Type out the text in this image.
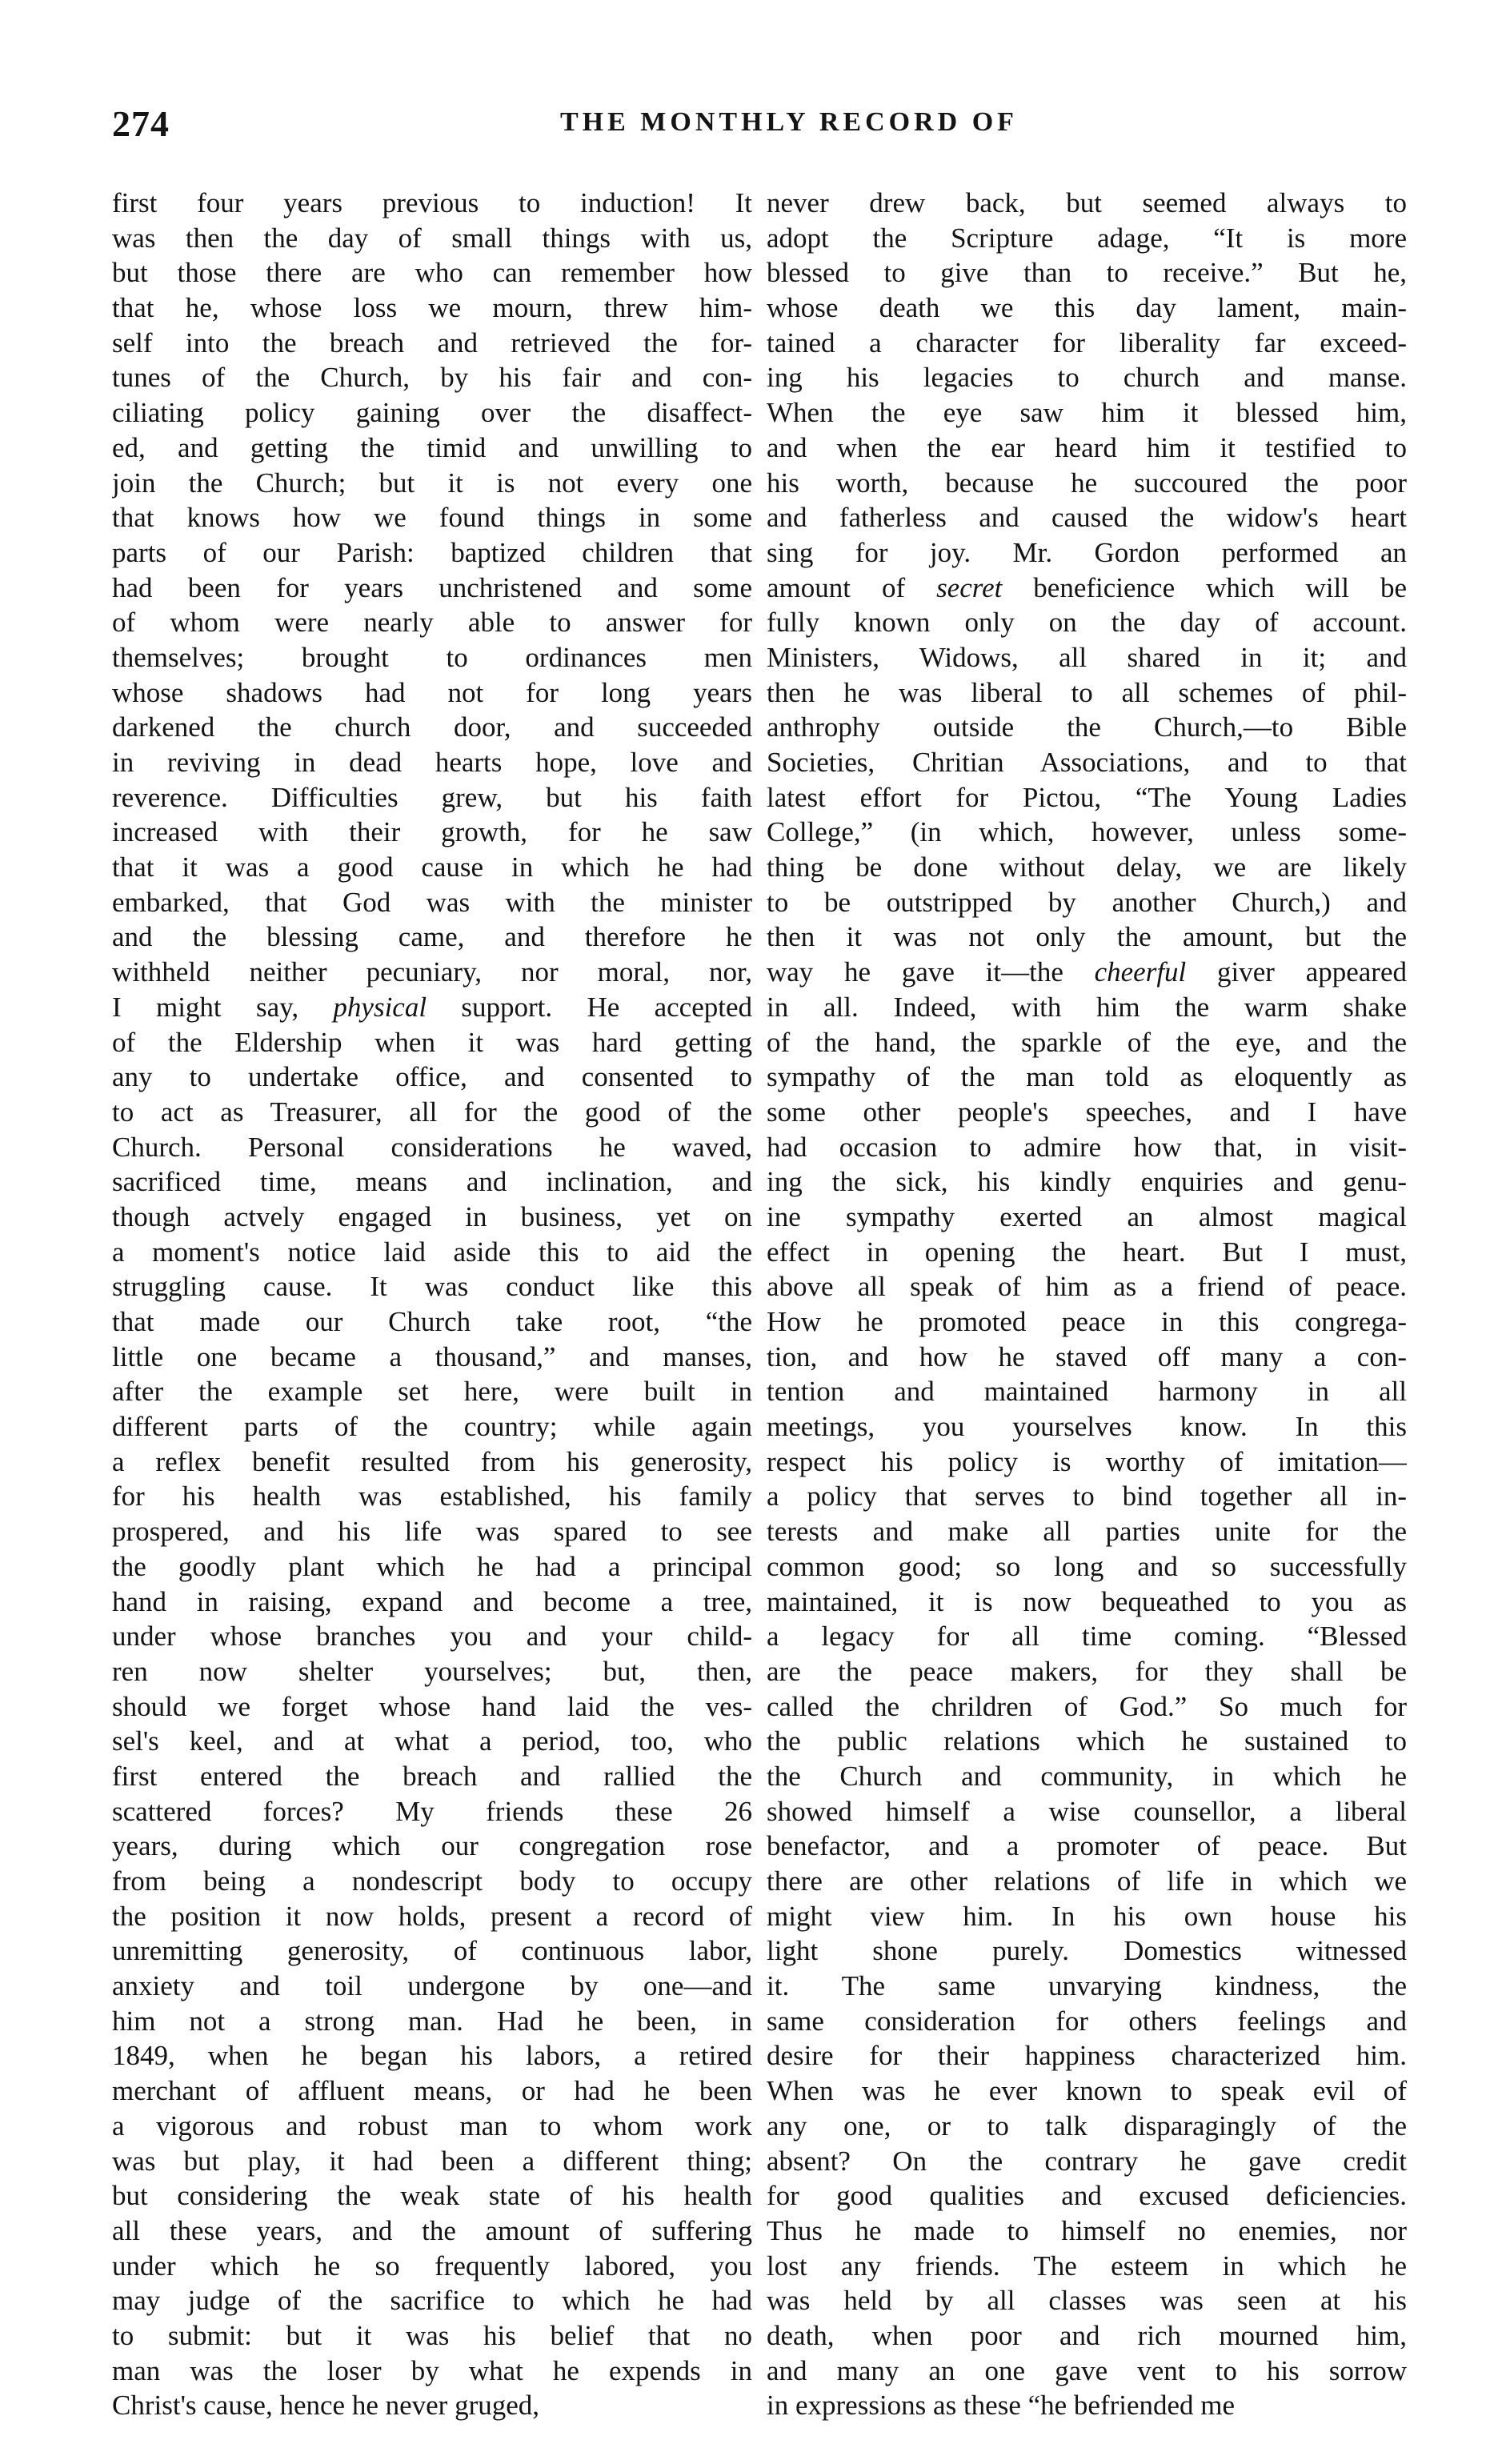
274	THE MONTHLY RECORD OF
first four years previous to induction! It
was then the day of small things with us,
but those there are who can remember how
that he, whose loss we mourn, threw him-
self into the breach and retrieved the for-
tunes of the Church, by his fair and con-
ciliating policy gaining over the disaffect-
ed, and getting the timid and unwilling to
join the Church; but it is not every one
that knows how we found things in some
parts of our Parish: baptized children that
had been for years unchristened and some
of whom were nearly able to answer for
themselves; brought to ordinances men
whose shadows had not for long years
darkened the church door, and succeeded
in reviving in dead hearts hope, love and
reverence. Difficulties grew, but his faith
increased with their growth, for he saw
that it was a good cause in which he had
embarked, that God was with the minister
and the blessing came, and therefore he
withheld neither pecuniary, nor moral, nor,
I might say, physical support. He accepted
of the Eldership when it was hard getting
any to undertake office, and consented to
to act as Treasurer, all for the good of the
Church. Personal considerations he waved,
sacrificed time, means and inclination, and
though actvely engaged in business, yet on
a moment's notice laid aside this to aid the
struggling cause. It was conduct like this
that made our Church take root, “the
little one became a thousand,” and manses,
after the example set here, were built in
different parts of the country; while again
a reflex benefit resulted from his generosity,
for his health was established, his family
prospered, and his life was spared to see
the goodly plant which he had a principal
hand in raising, expand and become a tree,
under whose branches you and your child-
ren now shelter yourselves; but, then,
should we forget whose hand laid the ves-
sel's keel, and at what a period, too, who
first entered the breach and rallied the
scattered forces? My friends these 26
years, during which our congregation rose
from being a nondescript body to occupy
the position it now holds, present a record of
unremitting generosity, of continuous labor,
anxiety and toil undergone by one—and
him not a strong man. Had he been, in
1849, when he began his labors, a retired
merchant of affluent means, or had he been
a vigorous and robust man to whom work
was but play, it had been a different thing;
but considering the weak state of his health
all these years, and the amount of suffering
under which he so frequently labored, you
may judge of the sacrifice to which he had
to submit: but it was his belief that no
man was the loser by what he expends in
Christ's cause, hence he never gruged,
never drew back, but seemed always to
adopt the Scripture adage, “It is more
blessed to give than to receive.” But he,
whose death we this day lament, main-
tained a character for liberality far exceed-
ing his legacies to church and manse.
When the eye saw him it blessed him,
and when the ear heard him it testified to
his worth, because he succoured the poor
and fatherless and caused the widow's heart
sing for joy. Mr. Gordon performed an
amount of secret beneficience which will be
fully known only on the day of account.
Ministers, Widows, all shared in it; and
then he was liberal to all schemes of phil-
anthrophy outside the Church,—to Bible
Societies, Chritian Associations, and to that
latest effort for Pictou, “The Young Ladies
College,” (in which, however, unless some-
thing be done without delay, we are likely
to be outstripped by another Church,) and
then it was not only the amount, but the
way he gave it—the cheerful giver appeared
in all. Indeed, with him the warm shake
of the hand, the sparkle of the eye, and the
sympathy of the man told as eloquently as
some other people's speeches, and I have
had occasion to admire how that, in visit-
ing the sick, his kindly enquiries and genu-
ine sympathy exerted an almost magical
effect in opening the heart. But I must,
above all speak of him as a friend of peace.
How he promoted peace in this congrega-
tion, and how he staved off many a con-
tention and maintained harmony in all
meetings, you yourselves know. In this
respect his policy is worthy of imitation—
a policy that serves to bind together all in-
terests and make all parties unite for the
common good; so long and so successfully
maintained, it is now bequeathed to you as
a legacy for all time coming. “Blessed
are the peace makers, for they shall be
called the chrildren of God.” So much for
the public relations which he sustained to
the Church and community, in which he
showed himself a wise counsellor, a liberal
benefactor, and a promoter of peace. But
there are other relations of life in which we
might view him. In his own house his
light shone purely. Domestics witnessed
it. The same unvarying kindness, the
same consideration for others feelings and
desire for their happiness characterized him.
When was he ever known to speak evil of
any one, or to talk disparagingly of the
absent? On the contrary he gave credit
for good qualities and excused deficiencies.
Thus he made to himself no enemies, nor
lost any friends. The esteem in which he
was held by all classes was seen at his
death, when poor and rich mourned him,
and many an one gave vent to his sorrow
in expressions as these “he befriended me
